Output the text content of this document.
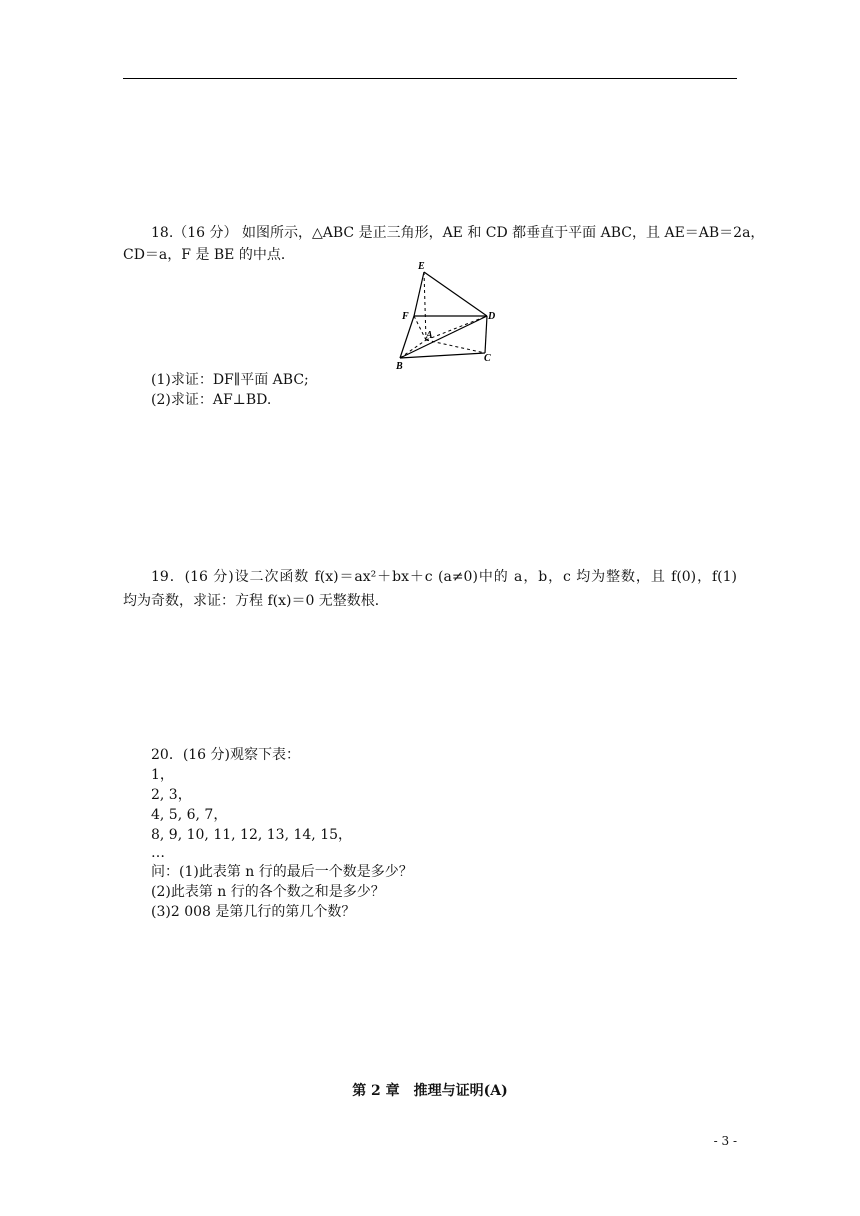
18.（16 分） 如图所示，△ABC 是正三角形，AE 和 CD 都垂直于平面 ABC，且 AE＝AB＝2a，
CD＝a，F 是 BE 的中点．
E
F
A
D
B
C
(1)求证：DF∥平面 ABC;
(2)求证：AF⊥BD.
19．(16 分)设二次函数 f(x)＝ax²＋bx＋c (a≠0)中的 a，b，c 均为整数，且 f(0)，f(1)
均为奇数，求证：方程 f(x)＝0 无整数根．
20．(16 分)观察下表：
1，
2, 3，
4, 5, 6, 7，
8, 9, 10, 11, 12, 13, 14, 15，
…
问：(1)此表第 n 行的最后一个数是多少？
(2)此表第 n 行的各个数之和是多少？
(3)2 008 是第几行的第几个数？
第 2 章　推理与证明(A)
- 3 -
